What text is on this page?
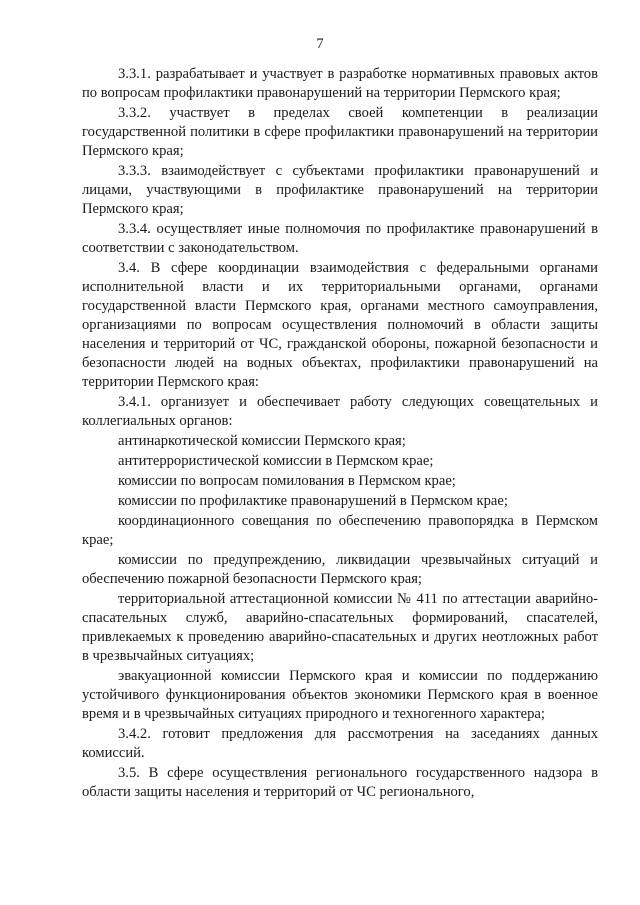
7

3.3.1. разрабатывает и участвует в разработке нормативных правовых актов по вопросам профилактики правонарушений на территории Пермского края;

3.3.2. участвует в пределах своей компетенции в реализации государственной политики в сфере профилактики правонарушений на территории Пермского края;

3.3.3. взаимодействует с субъектами профилактики правонарушений и лицами, участвующими в профилактике правонарушений на территории Пермского края;

3.3.4. осуществляет иные полномочия по профилактике правонарушений в соответствии с законодательством.

3.4. В сфере координации взаимодействия с федеральными органами исполнительной власти и их территориальными органами, органами государственной власти Пермского края, органами местного самоуправления, организациями по вопросам осуществления полномочий в области защиты населения и территорий от ЧС, гражданской обороны, пожарной безопасности и безопасности людей на водных объектах, профилактики правонарушений на территории Пермского края:

3.4.1. организует и обеспечивает работу следующих совещательных и коллегиальных органов:

антинаркотической комиссии Пермского края;

антитеррористической комиссии в Пермском крае;

комиссии по вопросам помилования в Пермском крае;

комиссии по профилактике правонарушений в Пермском крае;

координационного совещания по обеспечению правопорядка в Пермском крае;

комиссии по предупреждению, ликвидации чрезвычайных ситуаций и обеспечению пожарной безопасности Пермского края;

территориальной аттестационной комиссии № 411 по аттестации аварийно-спасательных служб, аварийно-спасательных формирований, спасателей, привлекаемых к проведению аварийно-спасательных и других неотложных работ в чрезвычайных ситуациях;

эвакуационной комиссии Пермского края и комиссии по поддержанию устойчивого функционирования объектов экономики Пермского края в военное время и в чрезвычайных ситуациях природного и техногенного характера;

3.4.2. готовит предложения для рассмотрения на заседаниях данных комиссий.

3.5. В сфере осуществления регионального государственного надзора в области защиты населения и территорий от ЧС регионального,
